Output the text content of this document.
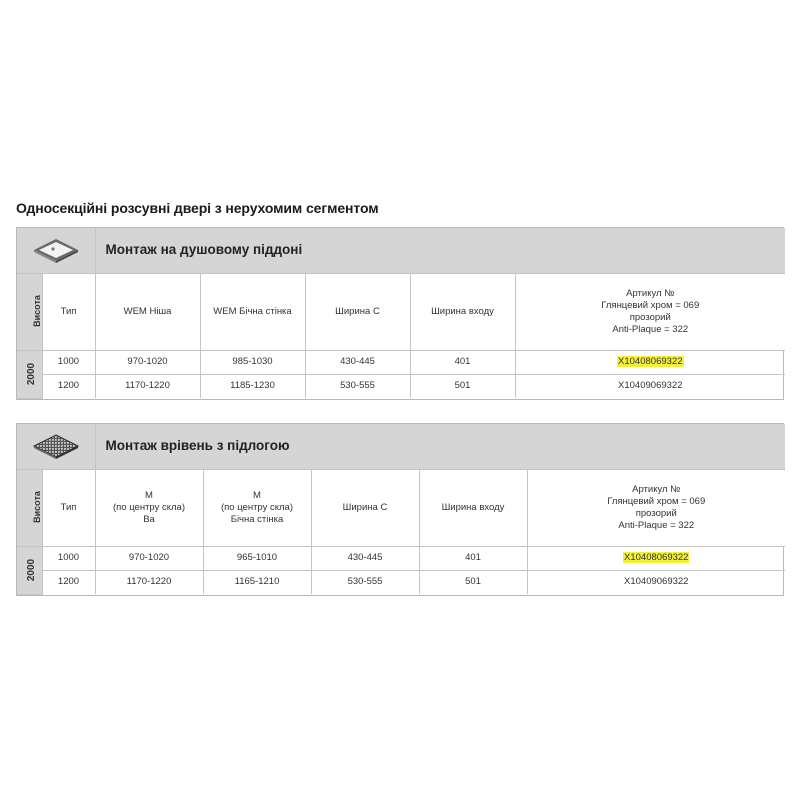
Односекційні розсувні двері з нерухомим сегментом
	Монтаж на душовому піддоні				
Висота	Тип	WEM Ніша	WEM Бічна стінка	Ширина С	Ширина входу	Артикул №
Глянцевий хром = 069
прозорий
Anti-Plaque = 322

2000	1000	970-1020	985-1030	430-445	401	X10408069322
	1200	1170-1220	1185-1230	530-555	501	X10409069322
	Монтаж врівень з підлогою				
Висота	Тип	M
(по центру скла)
Ba	M
(по центру скла)
Бічна стінка	Ширина С	Ширина входу	Артикул №
Глянцевий хром = 069
прозорий
Anti-Plaque = 322

2000	1000	970-1020	965-1010	430-445	401	X10408069322
	1200	1170-1220	1165-1210	530-555	501	X10409069322
